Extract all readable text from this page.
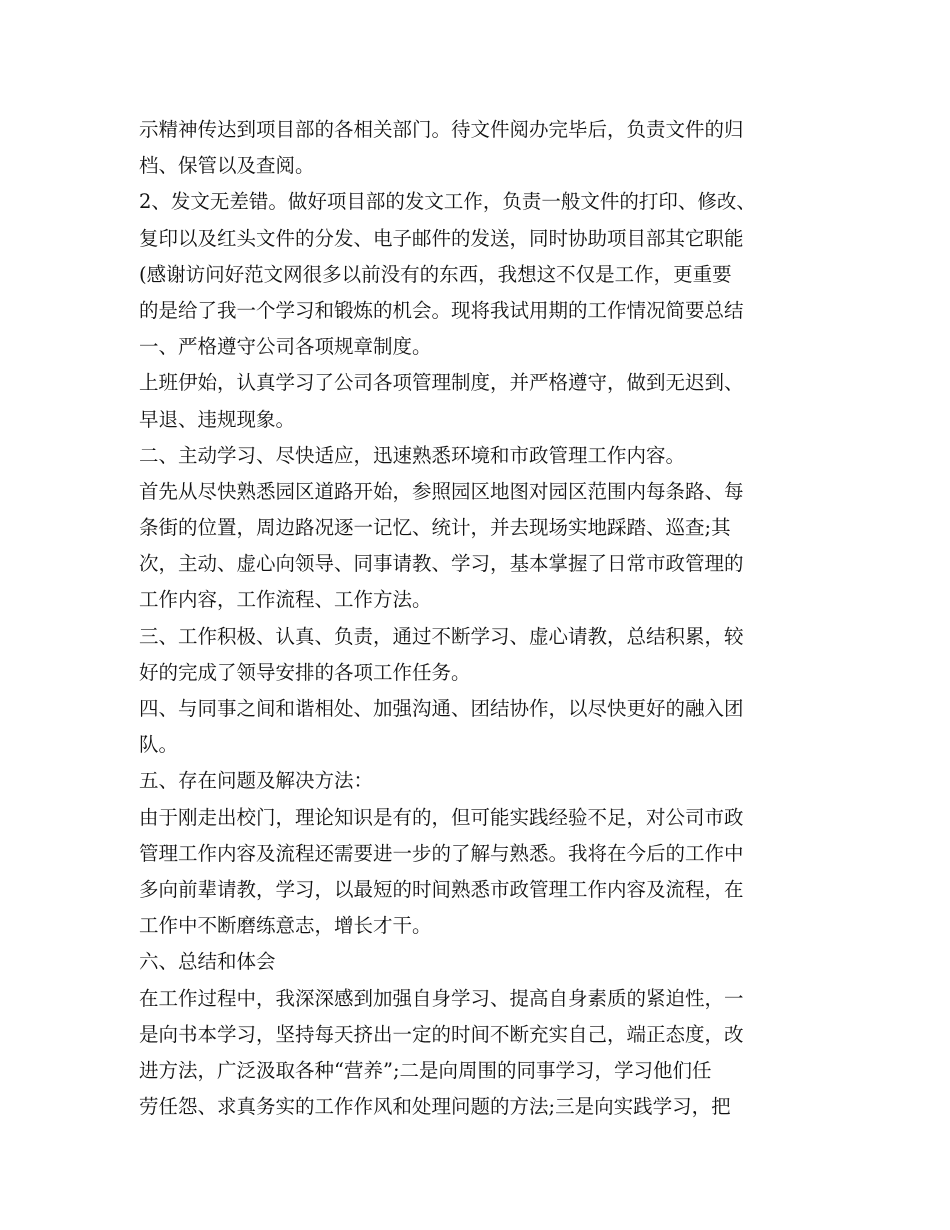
示精神传达到项目部的各相关部门。待文件阅办完毕后，负责文件的归
档、保管以及查阅。
2、发文无差错。做好项目部的发文工作，负责一般文件的打印、修改、
复印以及红头文件的分发、电子邮件的发送，同时协助项目部其它职能
(感谢访问好范文网很多以前没有的东西，我想这不仅是工作，更重要
的是给了我一个学习和锻炼的机会。现将我试用期的工作情况简要总结
一、严格遵守公司各项规章制度。
上班伊始，认真学习了公司各项管理制度，并严格遵守，做到无迟到、
早退、违规现象。
二、主动学习、尽快适应，迅速熟悉环境和市政管理工作内容。
首先从尽快熟悉园区道路开始，参照园区地图对园区范围内每条路、每
条街的位置，周边路况逐一记忆、统计，并去现场实地踩踏、巡查;其
次，主动、虚心向领导、同事请教、学习，基本掌握了日常市政管理的
工作内容，工作流程、工作方法。
三、工作积极、认真、负责，通过不断学习、虚心请教，总结积累，较
好的完成了领导安排的各项工作任务。
四、与同事之间和谐相处、加强沟通、团结协作，以尽快更好的融入团
队。
五、存在问题及解决方法：
由于刚走出校门，理论知识是有的，但可能实践经验不足，对公司市政
管理工作内容及流程还需要进一步的了解与熟悉。我将在今后的工作中
多向前辈请教，学习，以最短的时间熟悉市政管理工作内容及流程，在
工作中不断磨练意志，增长才干。
六、总结和体会
在工作过程中，我深深感到加强自身学习、提高自身素质的紧迫性，一
是向书本学习，坚持每天挤出一定的时间不断充实自己，端正态度，改
进方法，广泛汲取各种“营养”;二是向周围的同事学习，学习他们任
劳任怨、求真务实的工作作风和处理问题的方法;三是向实践学习，把
